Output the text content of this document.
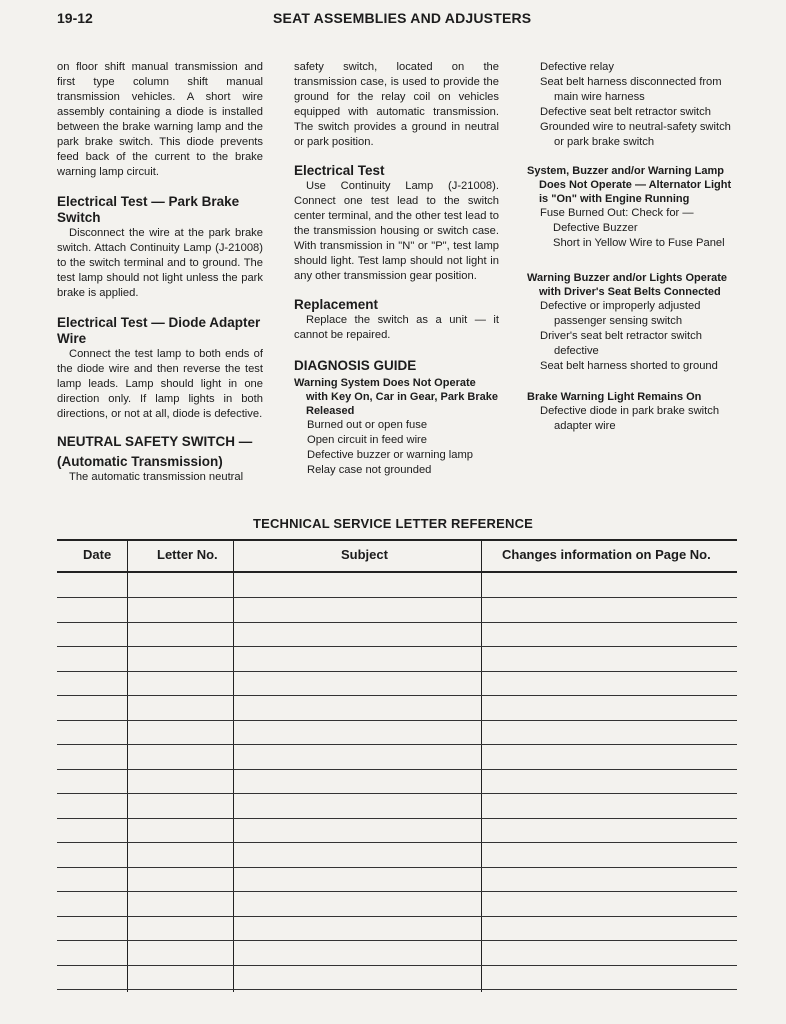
19-12	SEAT ASSEMBLIES AND ADJUSTERS

on floor shift manual transmission and first type column shift manual transmission vehicles. A short wire assembly containing a diode is installed between the brake warning lamp and the park brake switch. This diode prevents feed back of the current to the brake warning lamp circuit.

Electrical Test — Park Brake Switch

Disconnect the wire at the park brake switch. Attach Continuity Lamp (J-21008) to the switch terminal and to ground. The test lamp should not light unless the park brake is applied.

Electrical Test — Diode Adapter Wire

Connect the test lamp to both ends of the diode wire and then reverse the test lamp leads. Lamp should light in one direction only. If lamp lights in both directions, or not at all, diode is defective.

NEUTRAL SAFETY SWITCH —
(Automatic Transmission)

The automatic transmission neutral

safety switch, located on the transmission case, is used to provide the ground for the relay coil on vehicles equipped with automatic transmission. The switch provides a ground in neutral or park position.

Electrical Test

Use Continuity Lamp (J-21008). Connect one test lead to the switch center terminal, and the other test lead to the transmission housing or switch case. With transmission in "N" or "P", test lamp should light. Test lamp should not light in any other transmission gear position.

Replacement

Replace the switch as a unit — it cannot be repaired.

DIAGNOSIS GUIDE
Warning System Does Not Operate with Key On, Car in Gear, Park Brake Released
Burned out or open fuse
Open circuit in feed wire
Defective buzzer or warning lamp
Relay case not grounded
Defective relay
Seat belt harness disconnected from main wire harness
Defective seat belt retractor switch
Grounded wire to neutral-safety switch or park brake switch
System, Buzzer and/or Warning Lamp Does Not Operate — Alternator Light is "On" with Engine Running
Fuse Burned Out: Check for —
Defective Buzzer
Short in Yellow Wire to Fuse Panel
Warning Buzzer and/or Lights Operate with Driver's Seat Belts Connected
Defective or improperly adjusted passenger sensing switch
Driver's seat belt retractor switch defective
Seat belt harness shorted to ground
Brake Warning Light Remains On
Defective diode in park brake switch adapter wire
TECHNICAL SERVICE LETTER REFERENCE
Date	Letter No.	Subject	Changes information on Page No.
